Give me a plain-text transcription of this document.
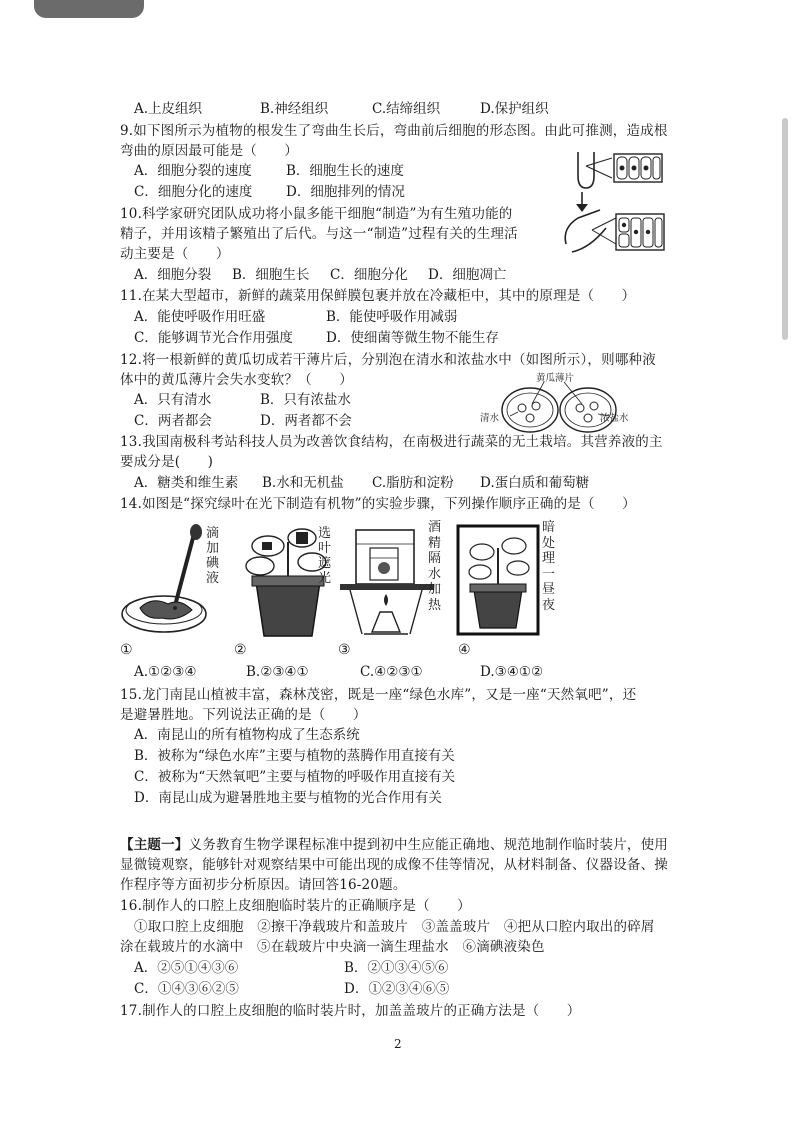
A.上皮组织	B.神经组织	C.结缔组织	D.保护组织
9.如下图所示为植物的根发生了弯曲生长后，弯曲前后细胞的形态图。由此可推测，造成根
弯曲的原因最可能是（　　）
A．细胞分裂的速度	B．细胞生长的速度
C．细胞分化的速度 D．细胞排列的情况
10.科学家研究团队成功将小鼠多能干细胞“制造”为有生殖功能的
精子，并用该精子繁殖出了后代。与这一“制造”过程有关的生理活
动主要是（　　）
A．细胞分裂 B．细胞生长 C．细胞分化 D．细胞凋亡
11.在某大型超市，新鲜的蔬菜用保鲜膜包裹并放在冷藏柜中，其中的原理是（　　）
A．能使呼吸作用旺盛	B．能使呼吸作用减弱
C．能够调节光合作用强度 D．使细菌等微生物不能生存
12.将一根新鲜的黄瓜切成若干薄片后，分别泡在清水和浓盐水中（如图所示），则哪种液
体中的黄瓜薄片会失水变软？（　　）
A．只有清水	B．只有浓盐水
C．两者都会	D．两者都不会
黄瓜薄片
清水	浓盐水
13.我国南极科考站科技人员为改善饮食结构，在南极进行蔬菜的无土栽培。其营养液的主
要成分是(　　)
A．糖类和维生素 B.水和无机盐 C.脂肪和淀粉 D.蛋白质和葡萄糖
14.如图是“探究绿叶在光下制造有机物”的实验步骤，下列操作顺序正确的是（　　）
滴加碘液
①
选叶遮光
②
酒精隔水加热
③
暗处理一昼夜
④
A.①②③④	B.②③④①	C.④②③①	D.③④①②
15.龙门南昆山植被丰富，森林茂密，既是一座“绿色水库”，又是一座“天然氧吧”，还
是避暑胜地。下列说法正确的是（　　）
A．南昆山的所有植物构成了生态系统
B．被称为“绿色水库”主要与植物的蒸腾作用直接有关
C．被称为“天然氧吧”主要与植物的呼吸作用直接有关
D．南昆山成为避暑胜地主要与植物的光合作用有关
【主题一】义务教育生物学课程标准中提到初中生应能正确地、规范地制作临时装片，使用
显微镜观察，能够针对观察结果中可能出现的成像不佳等情况，从材料制备、仪器设备、操
作程序等方面初步分析原因。请回答16-20题。
16.制作人的口腔上皮细胞临时装片的正确顺序是（　　）
①取口腔上皮细胞　②擦干净载玻片和盖玻片　③盖盖玻片　④把从口腔内取出的碎屑
涂在载玻片的水滴中　⑤在载玻片中央滴一滴生理盐水　⑥滴碘液染色
A．②⑤①④③⑥	B．②①③④⑤⑥
C．①④③⑥②⑤	D．①②③④⑥⑤
17.制作人的口腔上皮细胞的临时装片时，加盖盖玻片的正确方法是（　　）
2
